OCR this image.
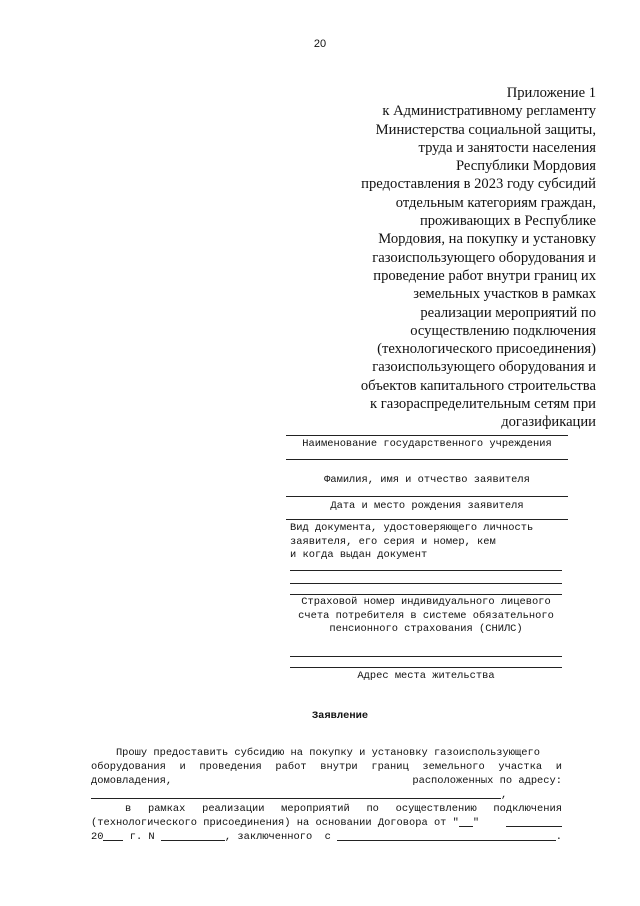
20
Приложение 1
к Административному регламенту
Министерства социальной защиты,
труда и занятости населения
Республики Мордовия
предоставления в 2023 году субсидий
отдельным категориям граждан,
проживающих в Республике
Мордовия, на покупку и установку
газоиспользующего оборудования и
проведение работ внутри границ их
земельных участков в рамках
реализации мероприятий по
осуществлению подключения
(технологического присоединения)
газоиспользующего оборудования и
объектов капитального строительства
к газораспределительным сетям при
догазификации
Наименование государственного учреждения
Фамилия, имя и отчество заявителя
Дата и место рождения заявителя
Вид документа, удостоверяющего личность
заявителя, его серия и номер, кем
и когда выдан документ
Страховой номер индивидуального лицевого счета потребителя в системе обязательного пенсионного страхования (СНИЛС)
Адрес места жительства
Заявление
Прошу предоставить субсидию на покупку и установку газоиспользующего
оборудования и проведения работ внутри границ земельного участка и
домовладения,	расположенных по адресу:
,
в рамках реализации мероприятий по осуществлению подключения
(технологического присоединения) на основании Договора от " "
20 г. N	, заключенного  с	.
